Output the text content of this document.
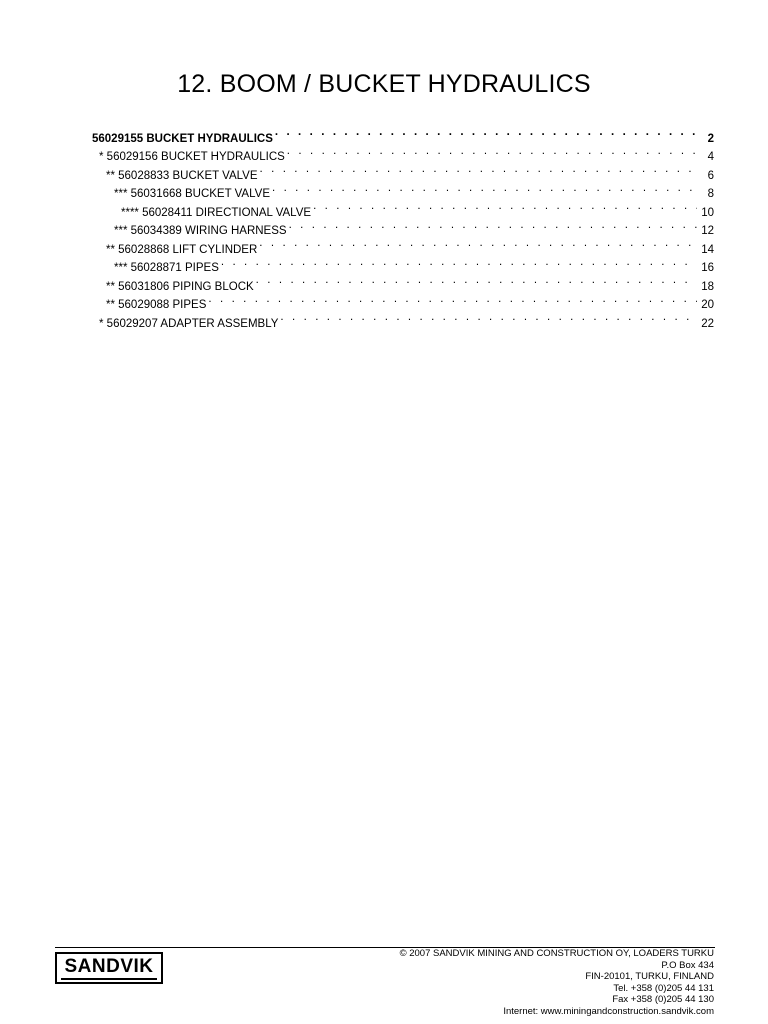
12. BOOM / BUCKET HYDRAULICS
56029155 BUCKET HYDRAULICS . . .	2
* 56029156 BUCKET HYDRAULICS . . .	4
** 56028833 BUCKET VALVE . . .	6
*** 56031668 BUCKET VALVE . . .	8
**** 56028411 DIRECTIONAL VALVE . . .	10
*** 56034389 WIRING HARNESS . . .	12
** 56028868 LIFT CYLINDER . . .	14
*** 56028871 PIPES . . .	16
** 56031806 PIPING BLOCK . . .	18
** 56029088 PIPES . . .	20
* 56029207 ADAPTER ASSEMBLY . . .	22
SANDVIK
© 2007 SANDVIK MINING AND CONSTRUCTION OY, LOADERS TURKU
P.O Box 434
FIN-20101, TURKU, FINLAND
Tel. +358 (0)205 44 131
Fax +358 (0)205 44 130
Internet: www.miningandconstruction.sandvik.com
